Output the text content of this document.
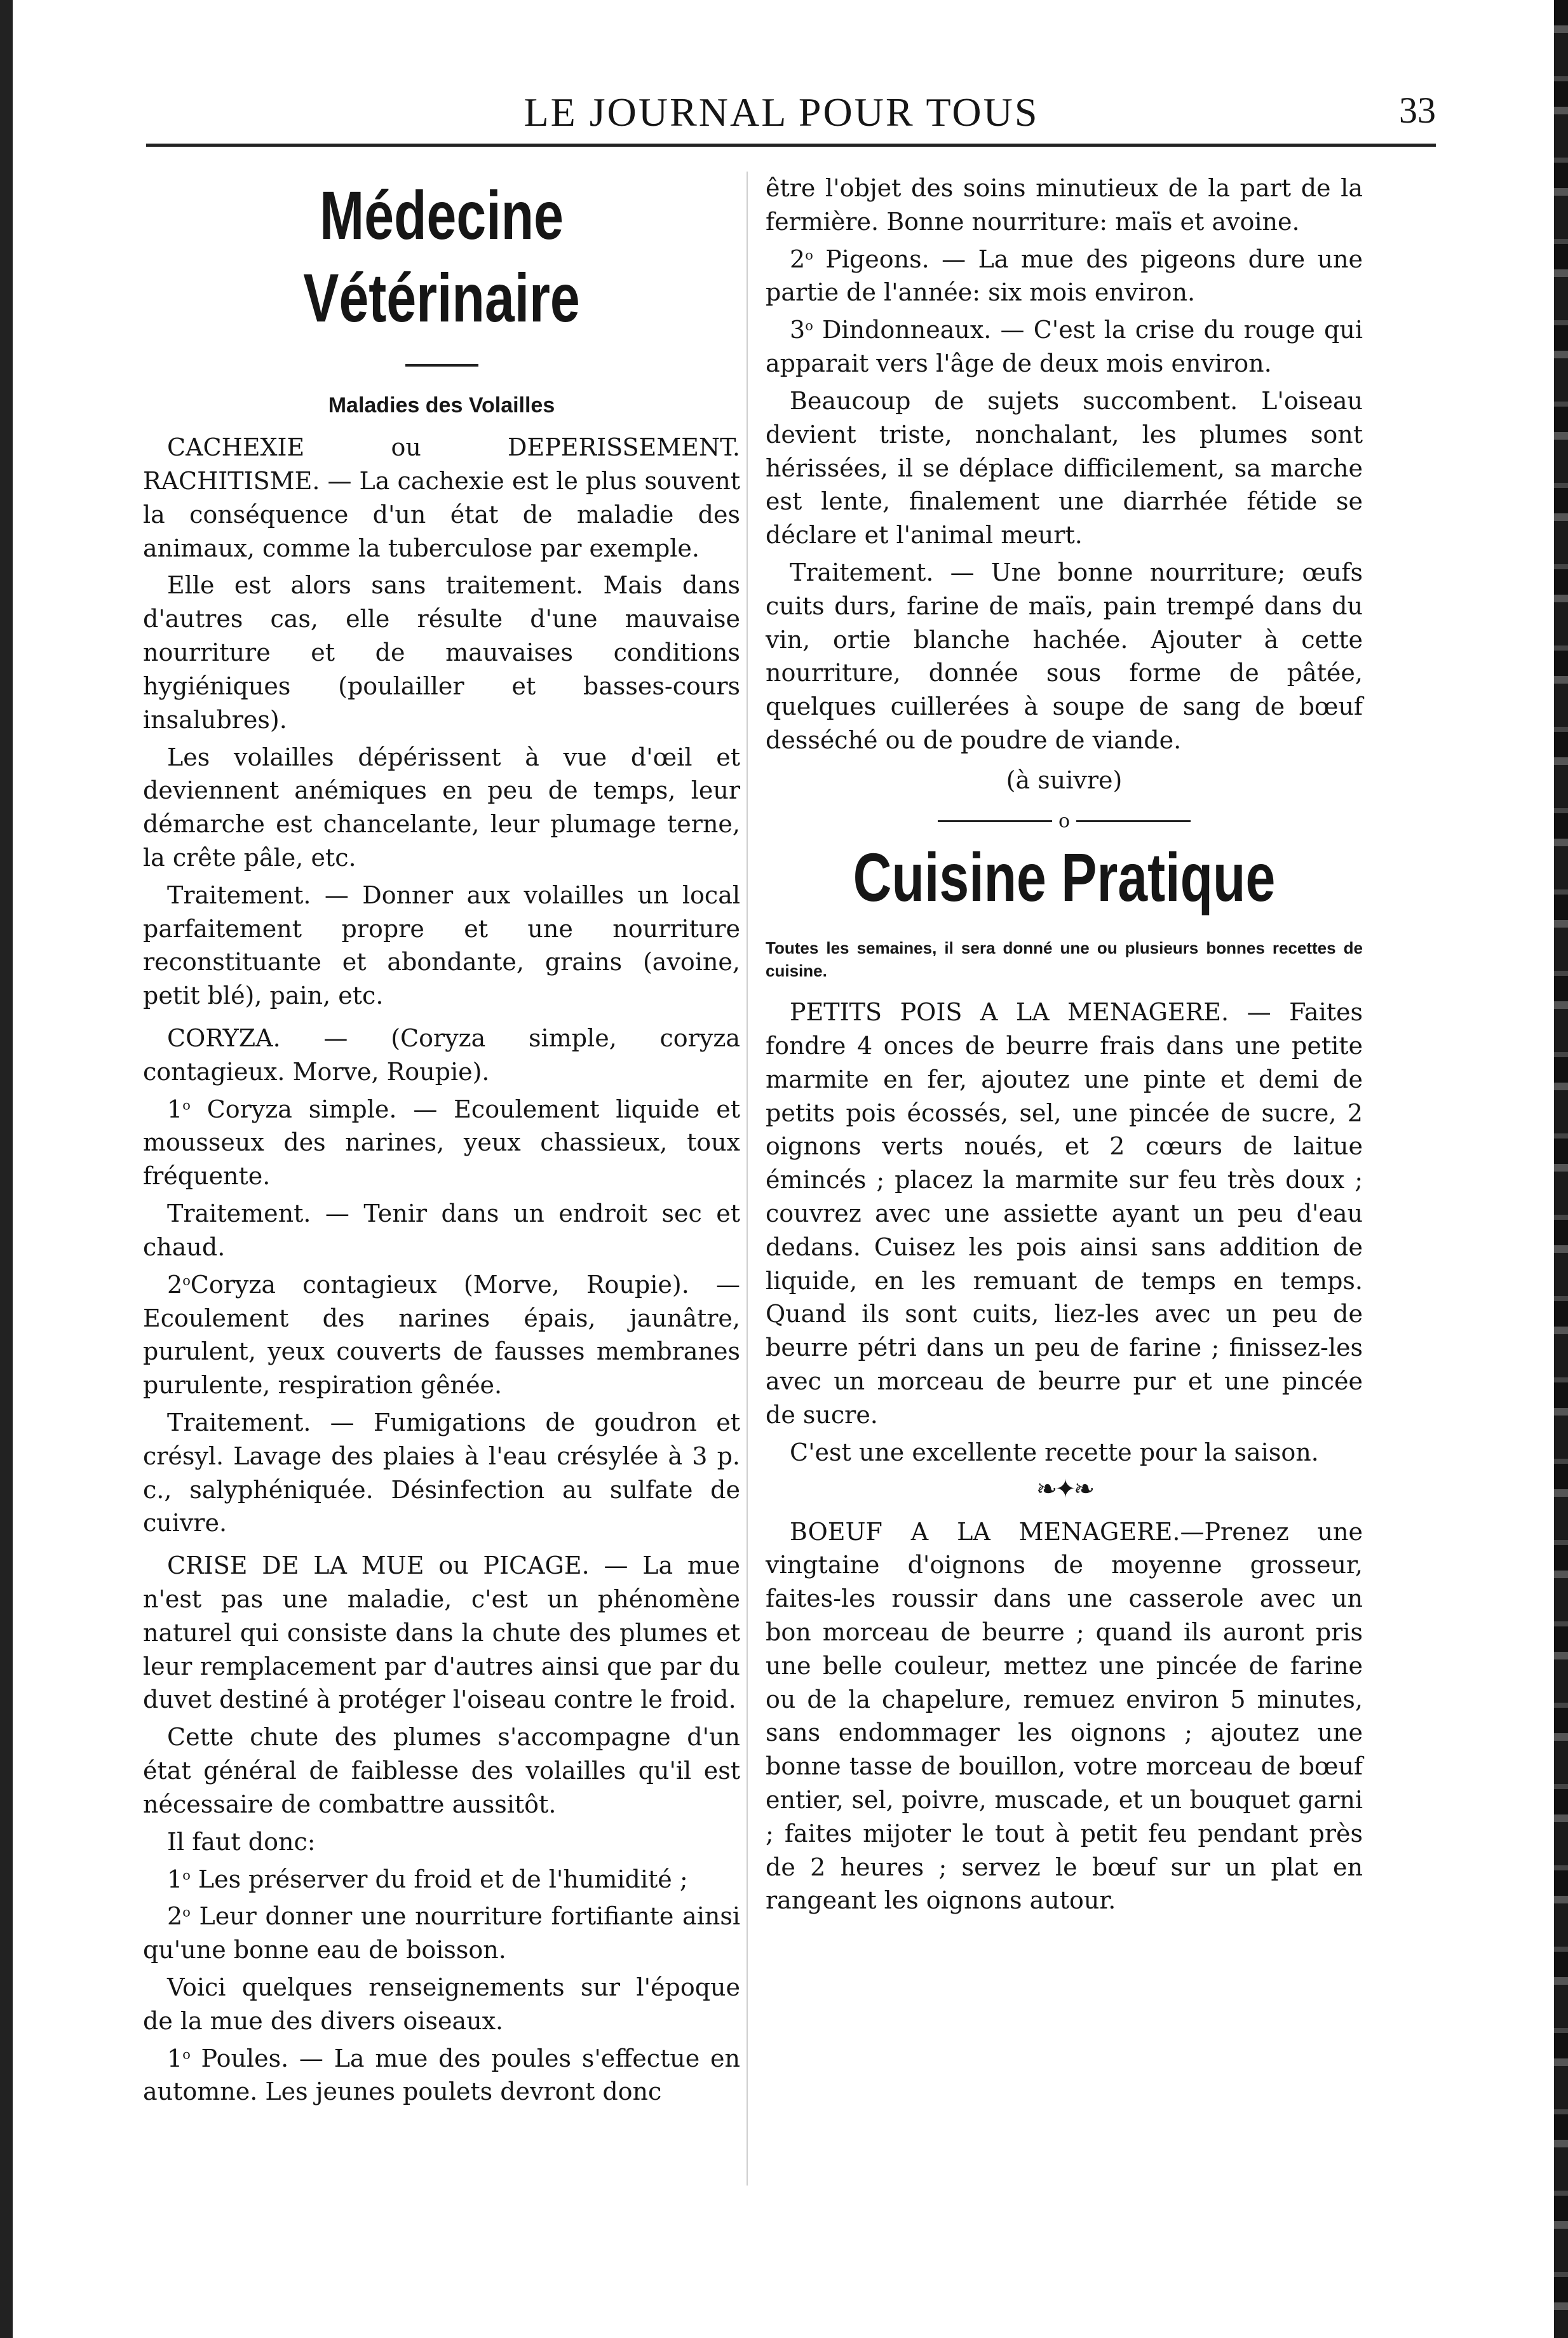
LE JOURNAL POUR TOUS	33
Médecine Vétérinaire
Maladies des Volailles

CACHEXIE ou DEPERISSEMENT. RACHITISME. — La cachexie est le plus souvent la conséquence d'un état de maladie des animaux, comme la tuberculose par exemple.

Elle est alors sans traitement. Mais dans d'autres cas, elle résulte d'une mauvaise nourriture et de mauvaises conditions hygiéniques (poulailler et basses-cours insalubres).

Les volailles dépérissent à vue d'œil et deviennent anémiques en peu de temps, leur démarche est chancelante, leur plumage terne, la crête pâle, etc.

Traitement. — Donner aux volailles un local parfaitement propre et une nourriture reconstituante et abondante, grains (avoine, petit blé), pain, etc.

CORYZA. — (Coryza simple, coryza contagieux. Morve, Roupie).

1$^o$ Coryza simple. — Ecoulement liquide et mousseux des narines, yeux chassieux, toux fréquente.

Traitement. — Tenir dans un endroit sec et chaud.

2$^o$Coryza contagieux (Morve, Roupie). — Ecoulement des narines épais, jaunâtre, purulent, yeux couverts de fausses membranes purulente, respiration gênée.

Traitement. — Fumigations de goudron et crésyl. Lavage des plaies à l'eau crésylée à 3 p. c., salyphéniquée. Désinfection au sulfate de cuivre.

CRISE DE LA MUE ou PICAGE. — La mue n'est pas une maladie, c'est un phénomène naturel qui consiste dans la chute des plumes et leur remplacement par d'autres ainsi que par du duvet destiné à protéger l'oiseau contre le froid.

Cette chute des plumes s'accompagne d'un état général de faiblesse des volailles qu'il est nécessaire de combattre aussitôt.

Il faut donc:

1$^o$ Les préserver du froid et de l'humidité ;

2$^o$ Leur donner une nourriture fortifiante ainsi qu'une bonne eau de boisson.

Voici quelques renseignements sur l'époque de la mue des divers oiseaux.

1$^o$ Poules. — La mue des poules s'effectue en automne. Les jeunes poulets devront donc

être l'objet des soins minutieux de la part de la fermière. Bonne nourriture: maïs et avoine.

2$^o$ Pigeons. — La mue des pigeons dure une partie de l'année: six mois environ.

3$^o$ Dindonneaux. — C'est la crise du rouge qui apparait vers l'âge de deux mois environ.

Beaucoup de sujets succombent. L'oiseau devient triste, nonchalant, les plumes sont hérissées, il se déplace difficilement, sa marche est lente, finalement une diarrhée fétide se déclare et l'animal meurt.

Traitement. — Une bonne nourriture; œufs cuits durs, farine de maïs, pain trempé dans du vin, ortie blanche hachée. Ajouter à cette nourriture, donnée sous forme de pâtée, quelques cuillerées à soupe de sang de bœuf desséché ou de poudre de viande.

(à suivre)
o
Cuisine Pratique
Toutes les semaines, il sera donné une ou plusieurs bonnes recettes de cuisine.

PETITS POIS A LA MENAGERE. — Faites fondre 4 onces de beurre frais dans une petite marmite en fer, ajoutez une pinte et demi de petits pois écossés, sel, une pincée de sucre, 2 oignons verts noués, et 2 cœurs de laitue émincés ; placez la marmite sur feu très doux ; couvrez avec une assiette ayant un peu d'eau dedans. Cuisez les pois ainsi sans addition de liquide, en les remuant de temps en temps. Quand ils sont cuits, liez-les avec un peu de beurre pétri dans un peu de farine ; finissez-les avec un morceau de beurre pur et une pincée de sucre.

C'est une excellente recette pour la saison.

❧✦❧

BOEUF A LA MENAGERE.—Prenez une vingtaine d'oignons de moyenne grosseur, faites-les roussir dans une casserole avec un bon morceau de beurre ; quand ils auront pris une belle couleur, mettez une pincée de farine ou de la chapelure, remuez environ 5 minutes, sans endommager les oignons ; ajoutez une bonne tasse de bouillon, votre morceau de bœuf entier, sel, poivre, muscade, et un bouquet garni ; faites mijoter le tout à petit feu pendant près de 2 heures ; servez le bœuf sur un plat en rangeant les oignons autour.
